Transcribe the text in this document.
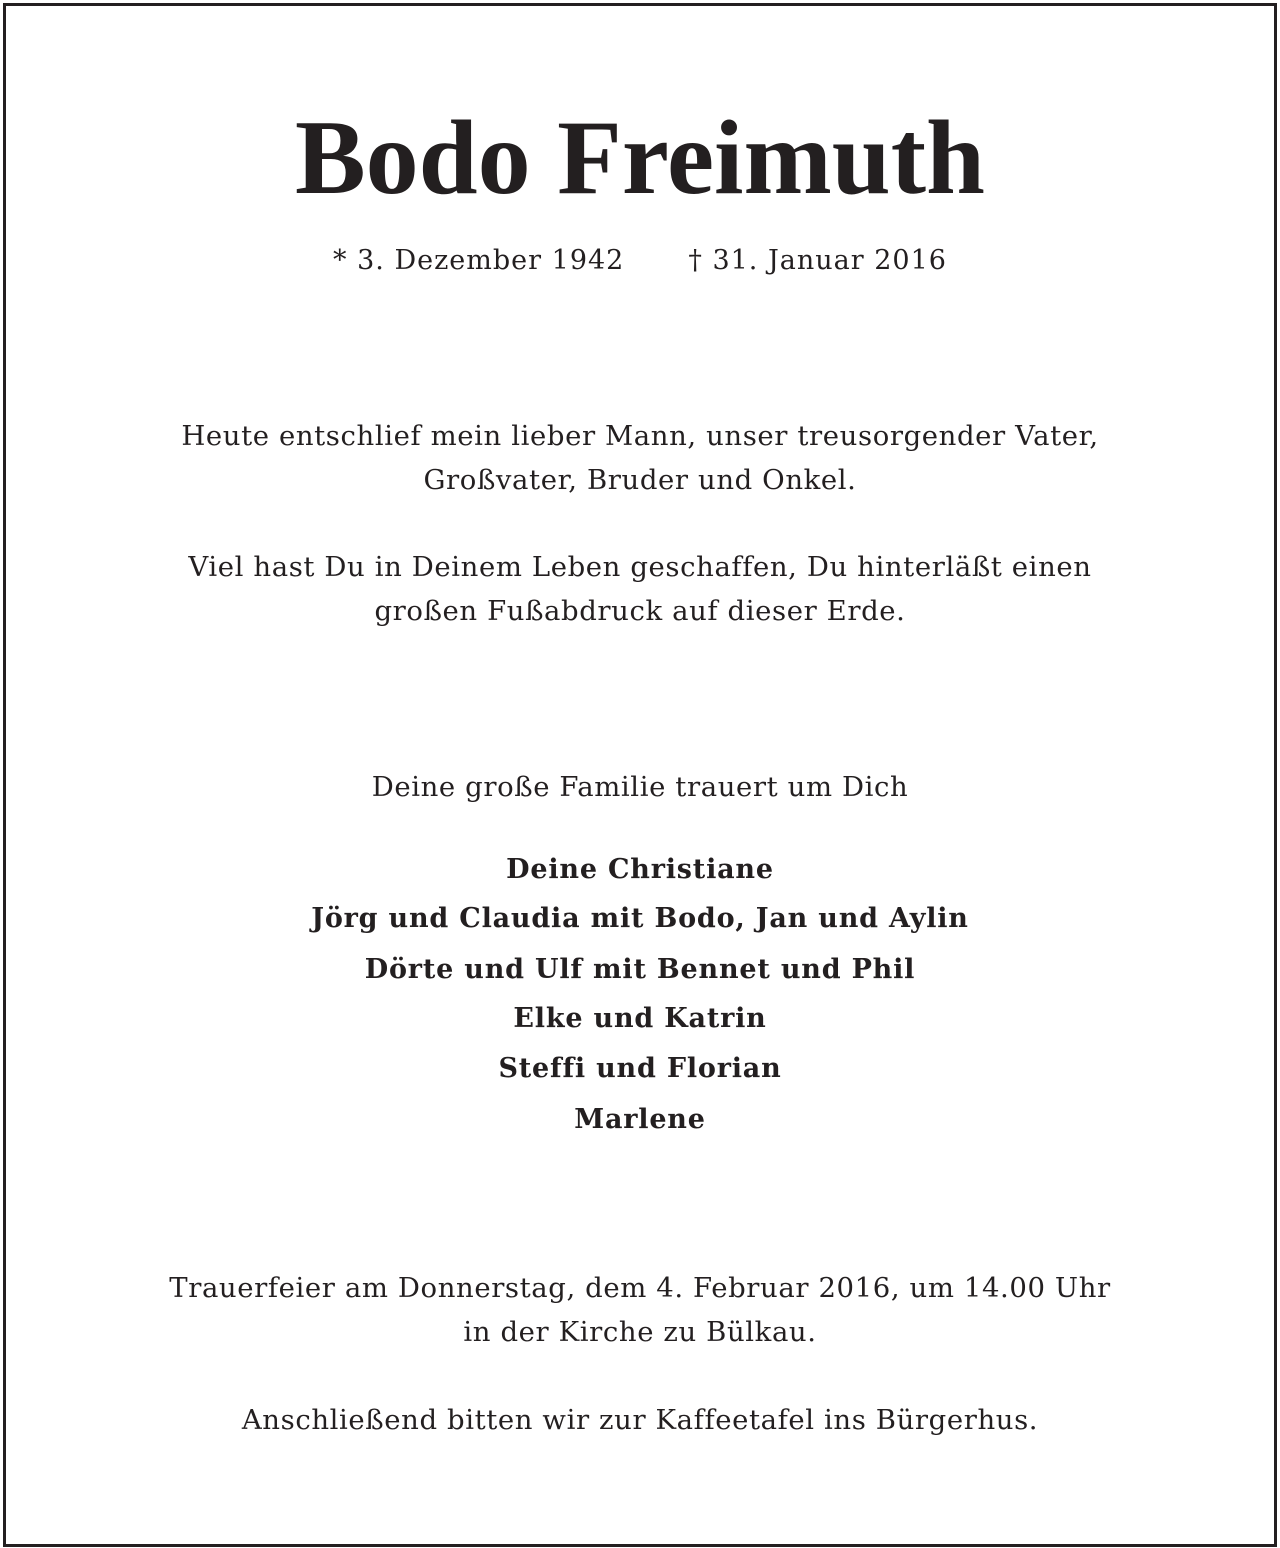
Bodo Freimuth
* 3. Dezember 1942 † 31. Januar 2016
Heute entschlief mein lieber Mann, unser treusorgender Vater,
Großvater, Bruder und Onkel.
Viel hast Du in Deinem Leben geschaffen, Du hinterläßt einen
großen Fußabdruck auf dieser Erde.
Deine große Familie trauert um Dich
Deine Christiane
Jörg und Claudia mit Bodo, Jan und Aylin
Dörte und Ulf mit Bennet und Phil
Elke und Katrin
Steffi und Florian
Marlene
Trauerfeier am Donnerstag, dem 4. Februar 2016, um 14.00 Uhr
in der Kirche zu Bülkau.
Anschließend bitten wir zur Kaffeetafel ins Bürgerhus.
